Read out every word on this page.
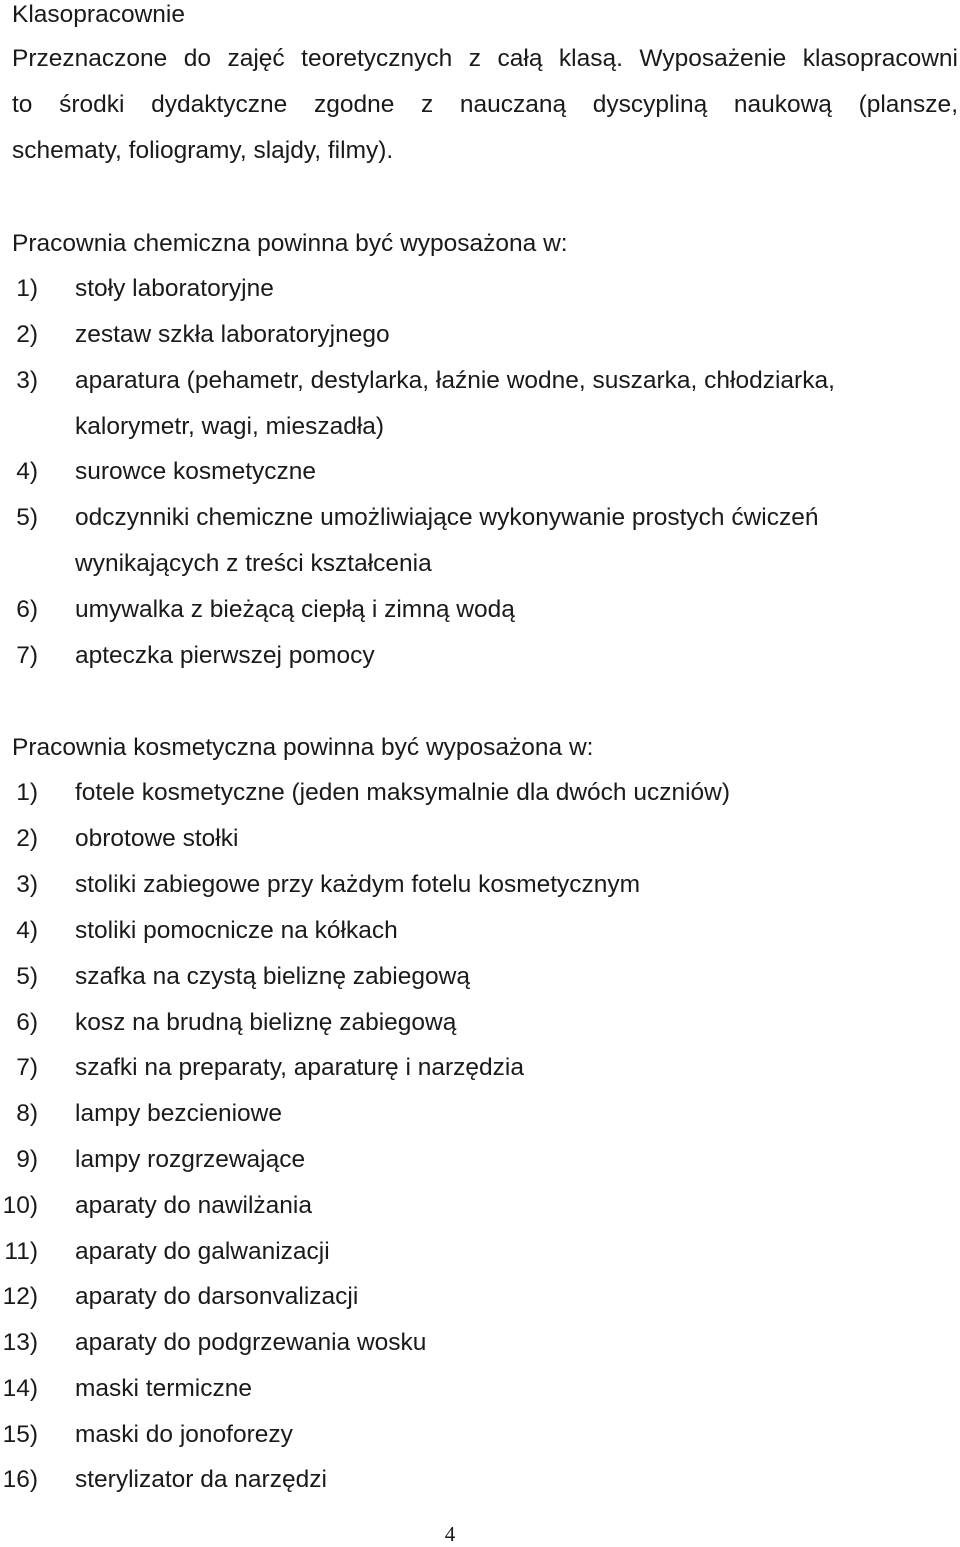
Klasopracownie
Przeznaczone do zajęć teoretycznych z całą klasą. Wyposażenie klasopracowni
to środki dydaktyczne zgodne z nauczaną dyscypliną naukową (plansze,
schematy, foliogramy, slajdy, filmy).
Pracownia chemiczna powinna być wyposażona w:
1) stoły laboratoryjne
2) zestaw szkła laboratoryjnego
3) aparatura (pehametr, destylarka, łaźnie wodne, suszarka, chłodziarka,
kalorymetr, wagi, mieszadła)
4) surowce kosmetyczne
5) odczynniki chemiczne umożliwiające wykonywanie prostych ćwiczeń
wynikających z treści kształcenia
6) umywalka z bieżącą ciepłą i zimną wodą
7) apteczka pierwszej pomocy
Pracownia kosmetyczna powinna być wyposażona w:
1) fotele kosmetyczne (jeden maksymalnie dla dwóch uczniów)
2) obrotowe stołki
3) stoliki zabiegowe przy każdym fotelu kosmetycznym
4) stoliki pomocnicze na kółkach
5) szafka na czystą bieliznę zabiegową
6) kosz na brudną bieliznę zabiegową
7) szafki na preparaty, aparaturę i narzędzia
8) lampy bezcieniowe
9) lampy rozgrzewające
10) aparaty do nawilżania
11) aparaty do galwanizacji
12) aparaty do darsonvalizacji
13) aparaty do podgrzewania wosku
14) maski termiczne
15) maski do jonoforezy
16) sterylizator da narzędzi
4
